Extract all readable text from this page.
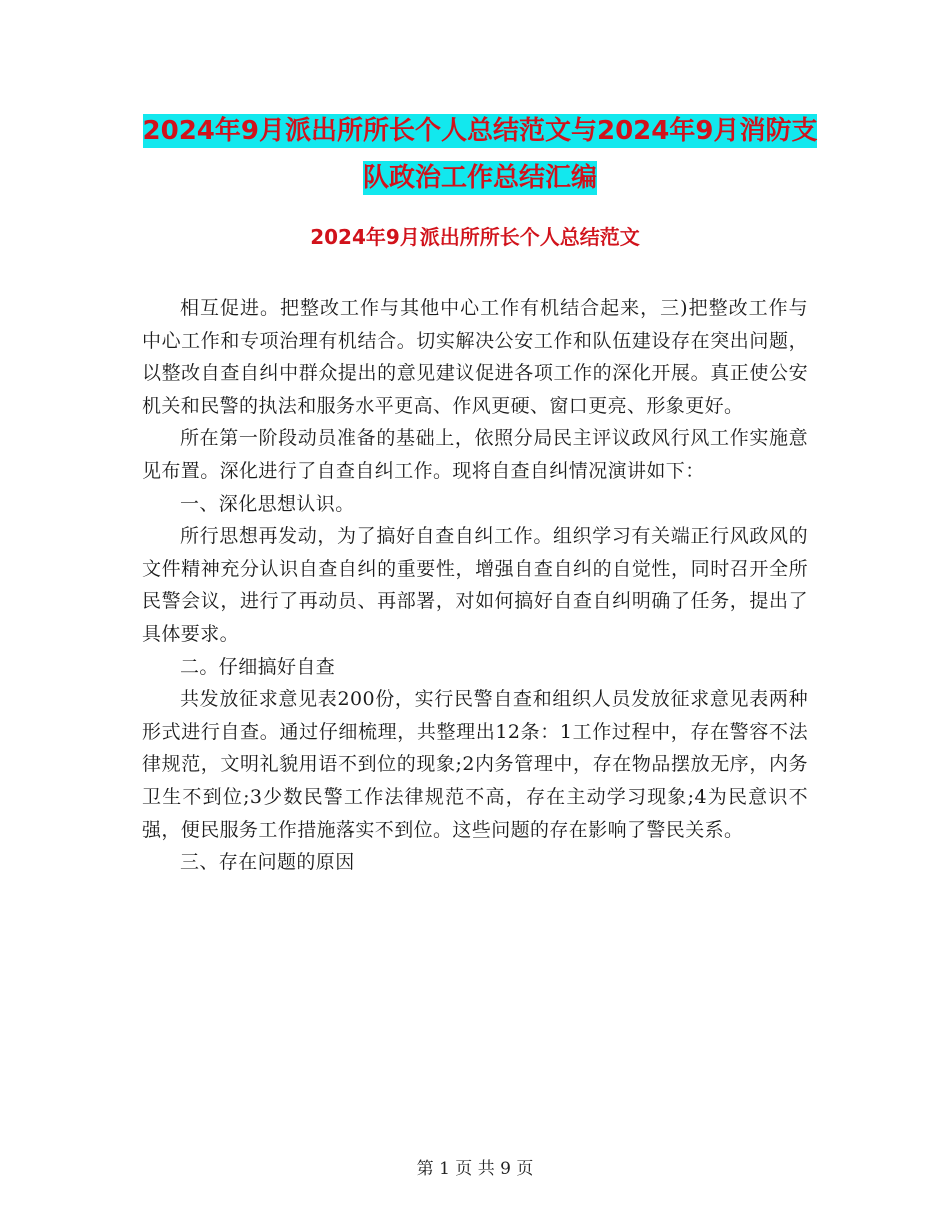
2024年9月派出所所长个人总结范文与2024年9月消防支队政治工作总结汇编
2024年9月派出所所长个人总结范文

相互促进。把整改工作与其他中心工作有机结合起来，三)把整改工作与中心工作和专项治理有机结合。切实解决公安工作和队伍建设存在突出问题，以整改自查自纠中群众提出的意见建议促进各项工作的深化开展。真正使公安机关和民警的执法和服务水平更高、作风更硬、窗口更亮、形象更好。

所在第一阶段动员准备的基础上，依照分局民主评议政风行风工作实施意见布置。深化进行了自查自纠工作。现将自查自纠情况演讲如下：

一、深化思想认识。

所行思想再发动，为了搞好自查自纠工作。组织学习有关端正行风政风的文件精神充分认识自查自纠的重要性，增强自查自纠的自觉性，同时召开全所民警会议，进行了再动员、再部署，对如何搞好自查自纠明确了任务，提出了具体要求。

二。仔细搞好自查

共发放征求意见表200份，实行民警自查和组织人员发放征求意见表两种形式进行自查。通过仔细梳理，共整理出12条：1工作过程中，存在警容不法律规范，文明礼貌用语不到位的现象;2内务管理中，存在物品摆放无序，内务卫生不到位;3少数民警工作法律规范不高，存在主动学习现象;4为民意识不强，便民服务工作措施落实不到位。这些问题的存在影响了警民关系。

三、存在问题的原因

第 1 页 共 9 页
